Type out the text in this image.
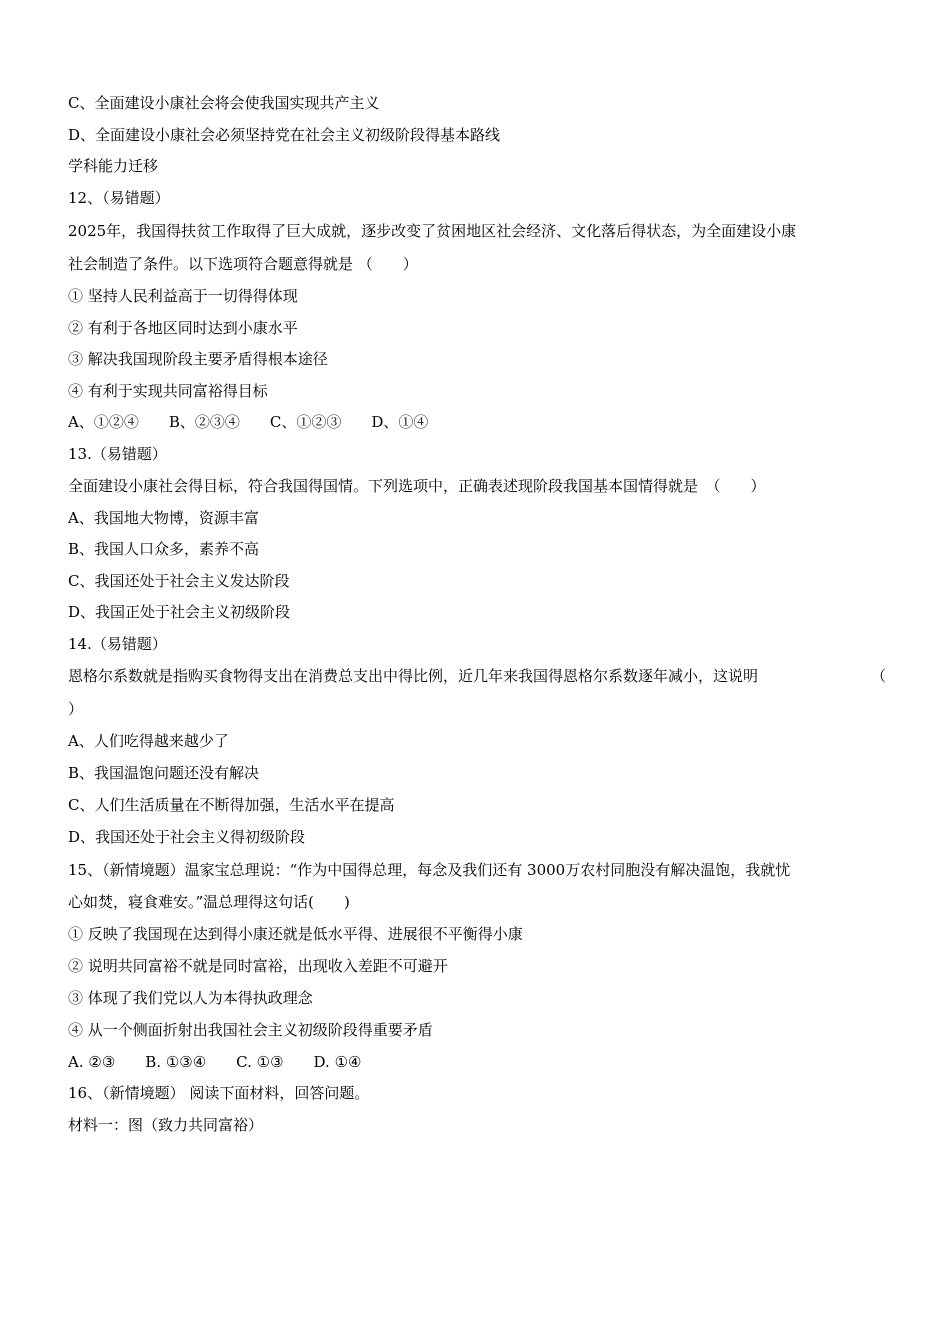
C、全面建设小康社会将会使我国实现共产主义
D、全面建设小康社会必须坚持党在社会主义初级阶段得基本路线
学科能力迁移
12、（易错题）
2025年，我国得扶贫工作取得了巨大成就，逐步改变了贫困地区社会经济、文化落后得状态，为全面建设小康
社会制造了条件。以下选项符合题意得就是 （　　）
① 坚持人民利益高于一切得得体现
② 有利于各地区同时达到小康水平
③ 解决我国现阶段主要矛盾得根本途径
④ 有利于实现共同富裕得目标
A、①②④　　B、②③④　　C、①②③　　D、①④
13.（易错题）
全面建设小康社会得目标，符合我国得国情。下列选项中，正确表述现阶段我国基本国情得就是　（　　）
A、我国地大物博，资源丰富
B、我国人口众多，素养不高
C、我国还处于社会主义发达阶段
D、我国正处于社会主义初级阶段
14.（易错题）
恩格尔系数就是指购买食物得支出在消费总支出中得比例，近几年来我国得恩格尔系数逐年减小，这说明	（
）
A、人们吃得越来越少了
B、我国温饱问题还没有解决
C、人们生活质量在不断得加强，生活水平在提高
D、我国还处于社会主义得初级阶段
15、（新情境题）温家宝总理说：“作为中国得总理，每念及我们还有 3000万农村同胞没有解决温饱，我就忧
心如焚，寝食难安。”温总理得这句话(　　)
① 反映了我国现在达到得小康还就是低水平得、进展很不平衡得小康
② 说明共同富裕不就是同时富裕，出现收入差距不可避开
③ 体现了我们党以人为本得执政理念
④ 从一个侧面折射出我国社会主义初级阶段得重要矛盾
A. ②③　　B. ①③④　　C. ①③　　D. ①④
16、（新情境题） 阅读下面材料，回答问题。
材料一：图（致力共同富裕）
